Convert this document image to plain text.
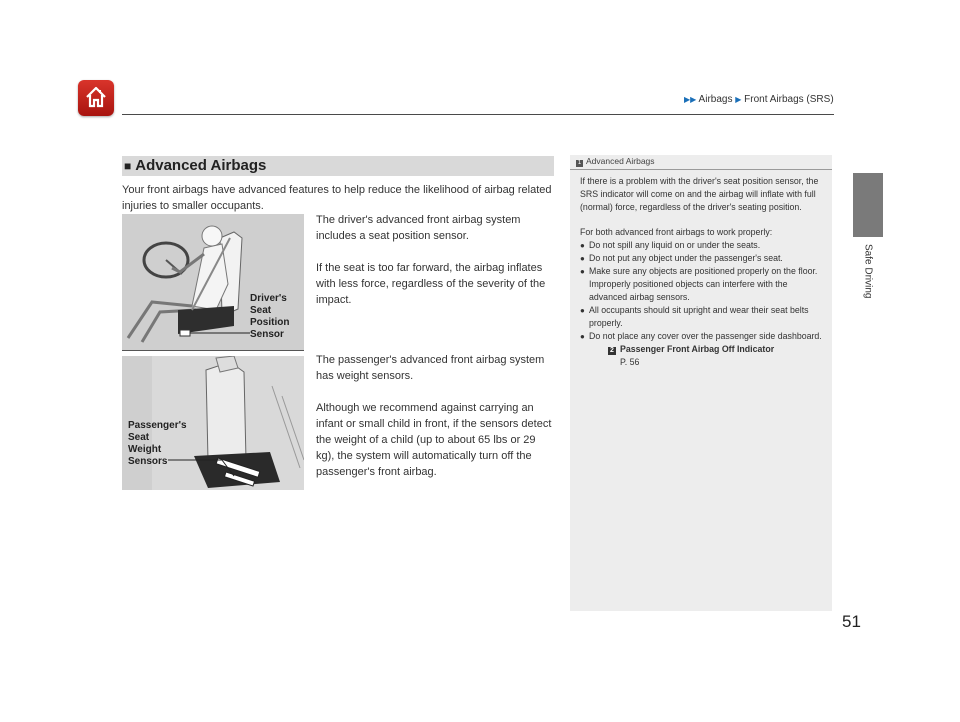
▶▶ Airbags ▶ Front Airbags (SRS)
Safe Driving
51
■ Advanced Airbags
Your front airbags have advanced features to help reduce the likelihood of airbag related injuries to smaller occupants.
Driver's
Seat
Position
Sensor
Passenger's
Seat
Weight
Sensors
The driver's advanced front airbag system includes a seat position sensor.
If the seat is too far forward, the airbag inflates with less force, regardless of the severity of the impact.
The passenger's advanced front airbag system has weight sensors.
Although we recommend against carrying an infant or small child in front, if the sensors detect the weight of a child (up to about 65 lbs or 29 kg), the system will automatically turn off the passenger's front airbag.
1 Advanced Airbags

If there is a problem with the driver's seat position sensor, the SRS indicator will come on and the airbag will inflate with full (normal) force, regardless of the driver's seating position.

For both advanced front airbags to work properly:

● Do not spill any liquid on or under the seats.
● Do not put any object under the passenger's seat.
● Make sure any objects are positioned properly on the floor. Improperly positioned objects can interfere with the advanced airbag sensors.
● All occupants should sit upright and wear their seat belts properly.
● Do not place any cover over the passenger side dashboard.
2 Passenger Front Airbag Off Indicator
P. 56
